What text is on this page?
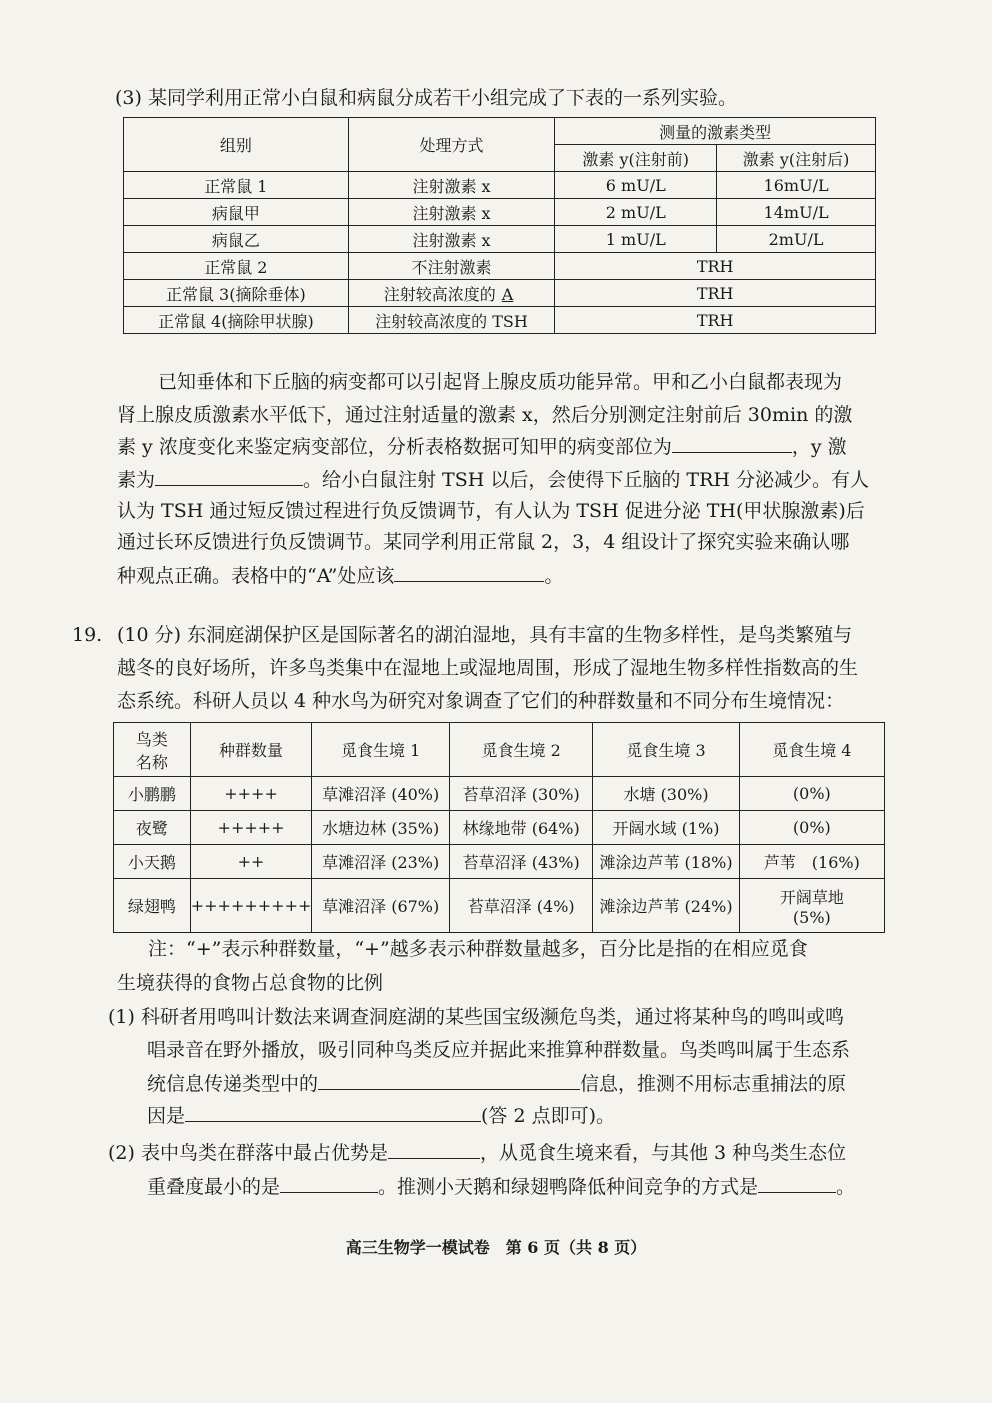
(3) 某同学利用正常小白鼠和病鼠分成若干小组完成了下表的一系列实验。
组别	处理方式	测量的激素类型	
		激素 y(注射前)	激素 y(注射后)
正常鼠 1	注射激素 x	6 mU/L	16mU/L
病鼠甲	注射激素 x	2 mU/L	14mU/L
病鼠乙	注射激素 x	1 mU/L	2mU/L
正常鼠 2	不注射激素	TRH	
正常鼠 3(摘除垂体)	注射较高浓度的 A	TRH	
正常鼠 4(摘除甲状腺)	注射较高浓度的 TSH	TRH	
已知垂体和下丘脑的病变都可以引起肾上腺皮质功能异常。甲和乙小白鼠都表现为
肾上腺皮质激素水平低下，通过注射适量的激素 x，然后分别测定注射前后 30min 的激
素 y 浓度变化来鉴定病变部位，分析表格数据可知甲的病变部位为	，y 激
素为	。给小白鼠注射 TSH 以后，会使得下丘脑的 TRH 分泌减少。有人
认为 TSH 通过短反馈过程进行负反馈调节，有人认为 TSH 促进分泌 TH(甲状腺激素)后
通过长环反馈进行负反馈调节。某同学利用正常鼠 2，3，4 组设计了探究实验来确认哪
种观点正确。表格中的“A”处应该	。
19. (10 分) 东洞庭湖保护区是国际著名的湖泊湿地，具有丰富的生物多样性，是鸟类繁殖与
越冬的良好场所，许多鸟类集中在湿地上或湿地周围，形成了湿地生物多样性指数高的生
态系统。科研人员以 4 种水鸟为研究对象调查了它们的种群数量和不同分布生境情况：
鸟类
名称	种群数量	觅食生境 1	觅食生境 2	觅食生境 3	觅食生境 4
小鹏鹏	++++	草滩沼泽 (40%)	苔草沼泽 (30%)	水塘 (30%)	(0%)
夜鹭	+++++	水塘边林 (35%)	林缘地带 (64%)	开阔水域 (1%)	(0%)
小天鹅	++	草滩沼泽 (23%)	苔草沼泽 (43%)	滩涂边芦苇 (18%)	芦苇　(16%)
绿翅鸭	+++++++++	草滩沼泽 (67%)	苔草沼泽 (4%)	滩涂边芦苇 (24%)	开阔草地
(5%)
注：“+”表示种群数量，“+”越多表示种群数量越多，百分比是指的在相应觅食
生境获得的食物占总食物的比例
(1) 科研者用鸣叫计数法来调查洞庭湖的某些国宝级濒危鸟类，通过将某种鸟的鸣叫或鸣
唱录音在野外播放，吸引同种鸟类反应并据此来推算种群数量。鸟类鸣叫属于生态系
统信息传递类型中的	信息，推测不用标志重捕法的原
因是	(答 2 点即可)。
(2) 表中鸟类在群落中最占优势是	，从觅食生境来看，与其他 3 种鸟类生态位
重叠度最小的是	。推测小天鹅和绿翅鸭降低种间竞争的方式是	。
高三生物学一模试卷　第 6 页（共 8 页）
